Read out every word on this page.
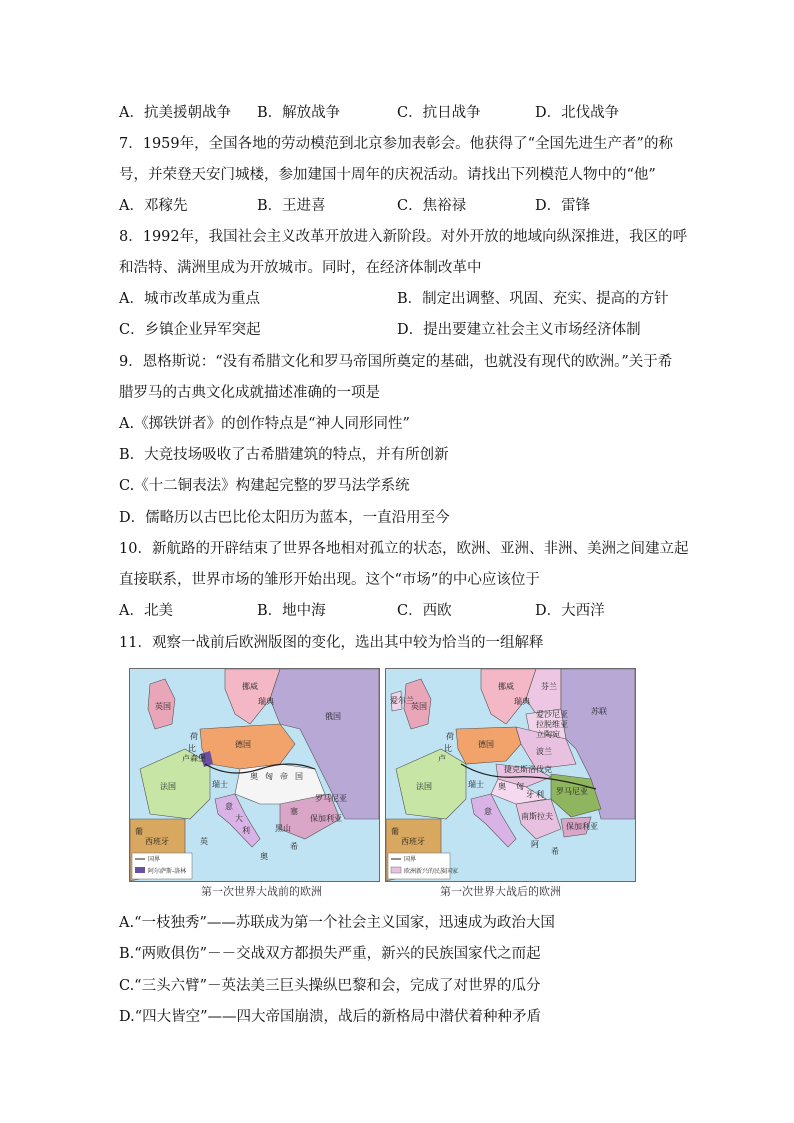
A．抗美援朝战争 B．解放战争	C．抗日战争	D．北伐战争
7．1959年，全国各地的劳动模范到北京参加表彰会。他获得了“全国先进生产者”的称
号，并荣登天安门城楼，参加建国十周年的庆祝活动。请找出下列模范人物中的“他”
A．邓稼先	B．王进喜	C．焦裕禄	D．雷锋
8．1992年，我国社会主义改革开放进入新阶段。对外开放的地域向纵深推进，我区的呼
和浩特、满洲里成为开放城市。同时，在经济体制改革中
A．城市改革成为重点	B．制定出调整、巩固、充实、提高的方针
C．乡镇企业异军突起	D．提出要建立社会主义市场经济体制
9．恩格斯说：“没有希腊文化和罗马帝国所奠定的基础，也就没有现代的欧洲。”关于希
腊罗马的古典文化成就描述准确的一项是
A.《掷铁饼者》的创作特点是“神人同形同性”
B．大竞技场吸收了古希腊建筑的特点，并有所创新
C.《十二铜表法》构建起完整的罗马法学系统
D．儒略历以古巴比伦太阳历为蓝本，一直沿用至今
10．新航路的开辟结束了世界各地相对孤立的状态，欧洲、亚洲、非洲、美洲之间建立起
直接联系，世界市场的雏形开始出现。这个“市场”的中心应该位于
A．北美	B．地中海	C．西欧	D．大西洋
11．观察一战前后欧洲版图的变化，选出其中较为恰当的一组解释
挪威
瑞典
英国
俄国
德国
荷
比
卢森堡
法国	瑞士
奥 匈 帝 国
罗马尼亚
保加利亚
塞
黑山
希
意
大
利
葡
西班牙	英
奥
国界
阿尔萨斯-洛林
第一次世界大战前的欧洲
挪威
瑞典
英国
爱尔兰
芬兰
爱沙尼亚
拉脱维亚
立陶宛
苏联
德国
波兰
捷克斯洛伐克
奥 匈
牙 利 罗马尼亚
法国	瑞士
意
南斯拉夫
保加利亚
阿
希
葡
西班牙
荷
比
卢
国界
欧洲新兴的民族国家
第一次世界大战后的欧洲
A.“一枝独秀”——苏联成为第一个社会主义国家，迅速成为政治大国
B.“两败俱伤”－－交战双方都损失严重，新兴的民族国家代之而起
C.“三头六臂”－英法美三巨头操纵巴黎和会，完成了对世界的瓜分
D.“四大皆空”——四大帝国崩溃，战后的新格局中潜伏着种种矛盾
